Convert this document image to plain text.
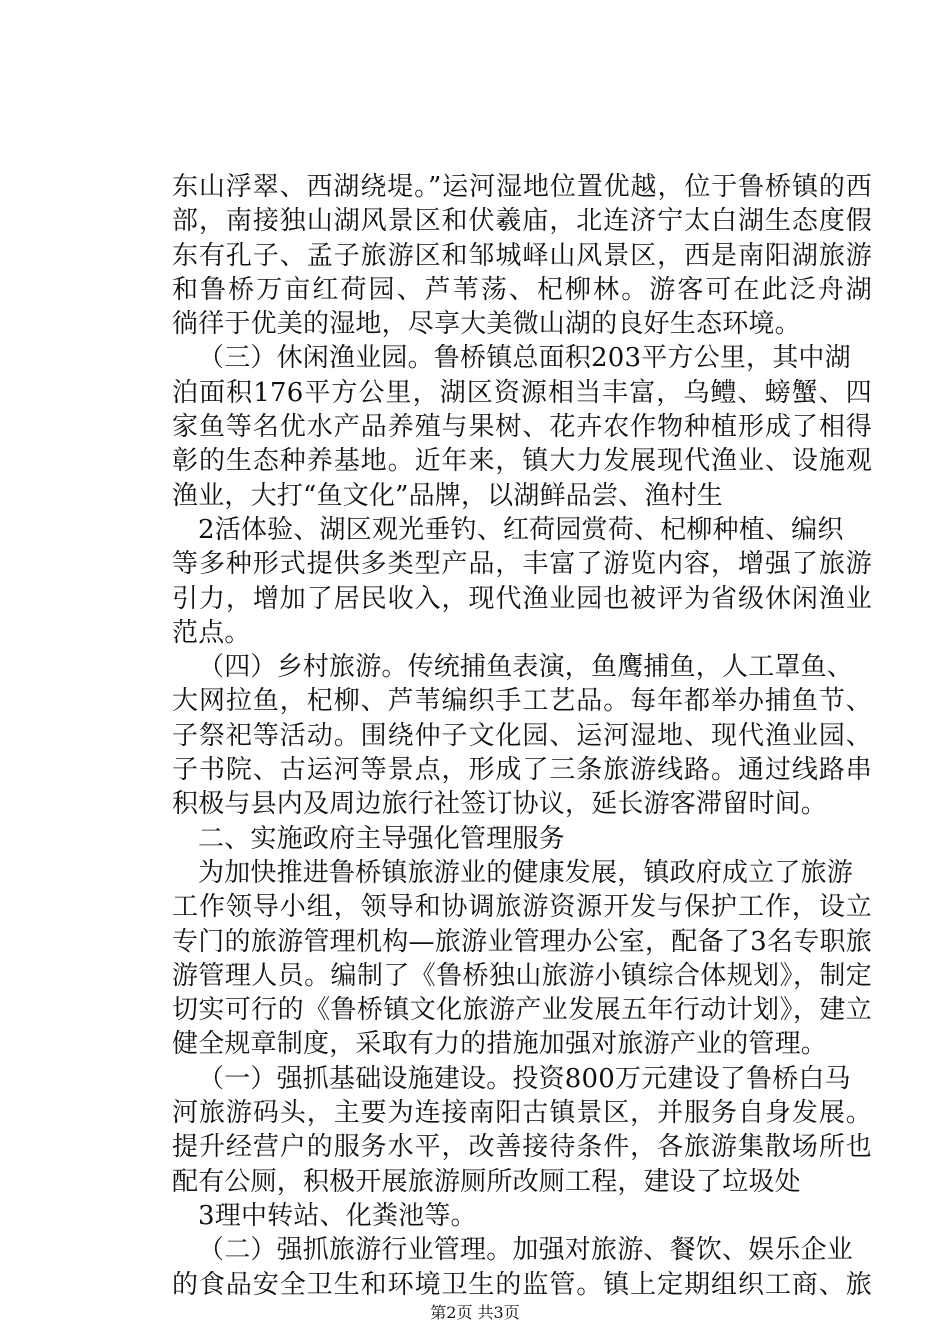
东山浮翠、西湖绕堤。”运河湿地位置优越，位于鲁桥镇的西
部，南接独山湖风景区和伏羲庙，北连济宁太白湖生态度假
东有孔子、孟子旅游区和邹城峄山风景区，西是南阳湖旅游
和鲁桥万亩红荷园、芦苇荡、杞柳林。游客可在此泛舟湖
徜徉于优美的湿地，尽享大美微山湖的良好生态环境。
（三）休闲渔业园。鲁桥镇总面积203平方公里，其中湖
泊面积176平方公里，湖区资源相当丰富，乌鳢、螃蟹、四
家鱼等名优水产品养殖与果树、花卉农作物种植形成了相得
彰的生态种养基地。近年来，镇大力发展现代渔业、设施观
渔业，大打“鱼文化”品牌，以湖鲜品尝、渔村生
2活体验、湖区观光垂钓、红荷园赏荷、杞柳种植、编织
等多种形式提供多类型产品，丰富了游览内容，增强了旅游
引力，增加了居民收入，现代渔业园也被评为省级休闲渔业
范点。
（四）乡村旅游。传统捕鱼表演，鱼鹰捕鱼，人工罩鱼、
大网拉鱼，杞柳、芦苇编织手工艺品。每年都举办捕鱼节、
子祭祀等活动。围绕仲子文化园、运河湿地、现代渔业园、
子书院、古运河等景点，形成了三条旅游线路。通过线路串
积极与县内及周边旅行社签订协议，延长游客滞留时间。
二、实施政府主导强化管理服务
为加快推进鲁桥镇旅游业的健康发展，镇政府成立了旅游
工作领导小组，领导和协调旅游资源开发与保护工作，设立
专门的旅游管理机构—旅游业管理办公室，配备了3名专职旅
游管理人员。编制了《鲁桥独山旅游小镇综合体规划》，制定
切实可行的《鲁桥镇文化旅游产业发展五年行动计划》，建立
健全规章制度，采取有力的措施加强对旅游产业的管理。
（一）强抓基础设施建设。投资800万元建设了鲁桥白马
河旅游码头，主要为连接南阳古镇景区，并服务自身发展。
提升经营户的服务水平，改善接待条件，各旅游集散场所也
配有公厕，积极开展旅游厕所改厕工程，建设了垃圾处
3理中转站、化粪池等。
（二）强抓旅游行业管理。加强对旅游、餐饮、娱乐企业
的食品安全卫生和环境卫生的监管。镇上定期组织工商、旅
第2页 共3页
